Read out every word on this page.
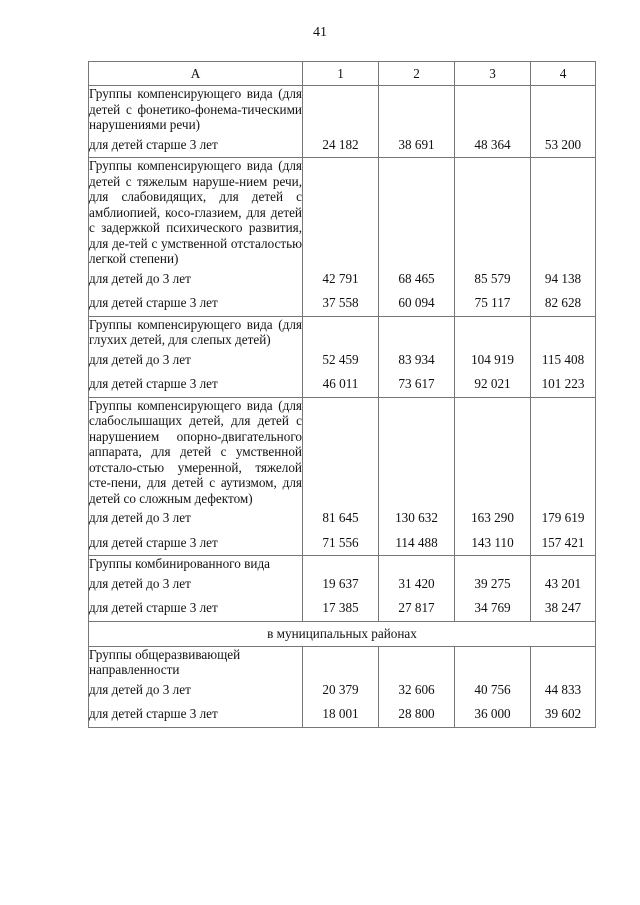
41
А	1	2	3	4
Группы компенсирующего вида (для детей с фонетико-фонема-тическими нарушениями речи)				
для детей старше 3 лет	24 182	38 691	48 364	53 200
Группы компенсирующего вида (для детей с тяжелым наруше-нием речи, для слабовидящих, для детей с амблиопией, косо-глазием, для детей с задержкой психического развития, для де-тей с умственной отсталостью легкой степени)				
для детей до 3 лет	42 791	68 465	85 579	94 138
для детей старше 3 лет	37 558	60 094	75 117	82 628
Группы компенсирующего вида (для глухих детей, для слепых детей)				
для детей до 3 лет	52 459	83 934	104 919	115 408
для детей старше 3 лет	46 011	73 617	92 021	101 223
Группы компенсирующего вида (для слабослышащих детей, для детей с нарушением опорно-двигательного аппарата, для детей с умственной отстало-стью умеренной, тяжелой сте-пени, для детей с аутизмом, для детей со сложным дефектом)				
для детей до 3 лет	81 645	130 632	163 290	179 619
для детей старше 3 лет	71 556	114 488	143 110	157 421
Группы комбинированного вида				
для детей до 3 лет	19 637	31 420	39 275	43 201
для детей старше 3 лет	17 385	27 817	34 769	38 247
в муниципальных районах				
Группы общеразвивающей направленности				
для детей до 3 лет	20 379	32 606	40 756	44 833
для детей старше 3 лет	18 001	28 800	36 000	39 602
